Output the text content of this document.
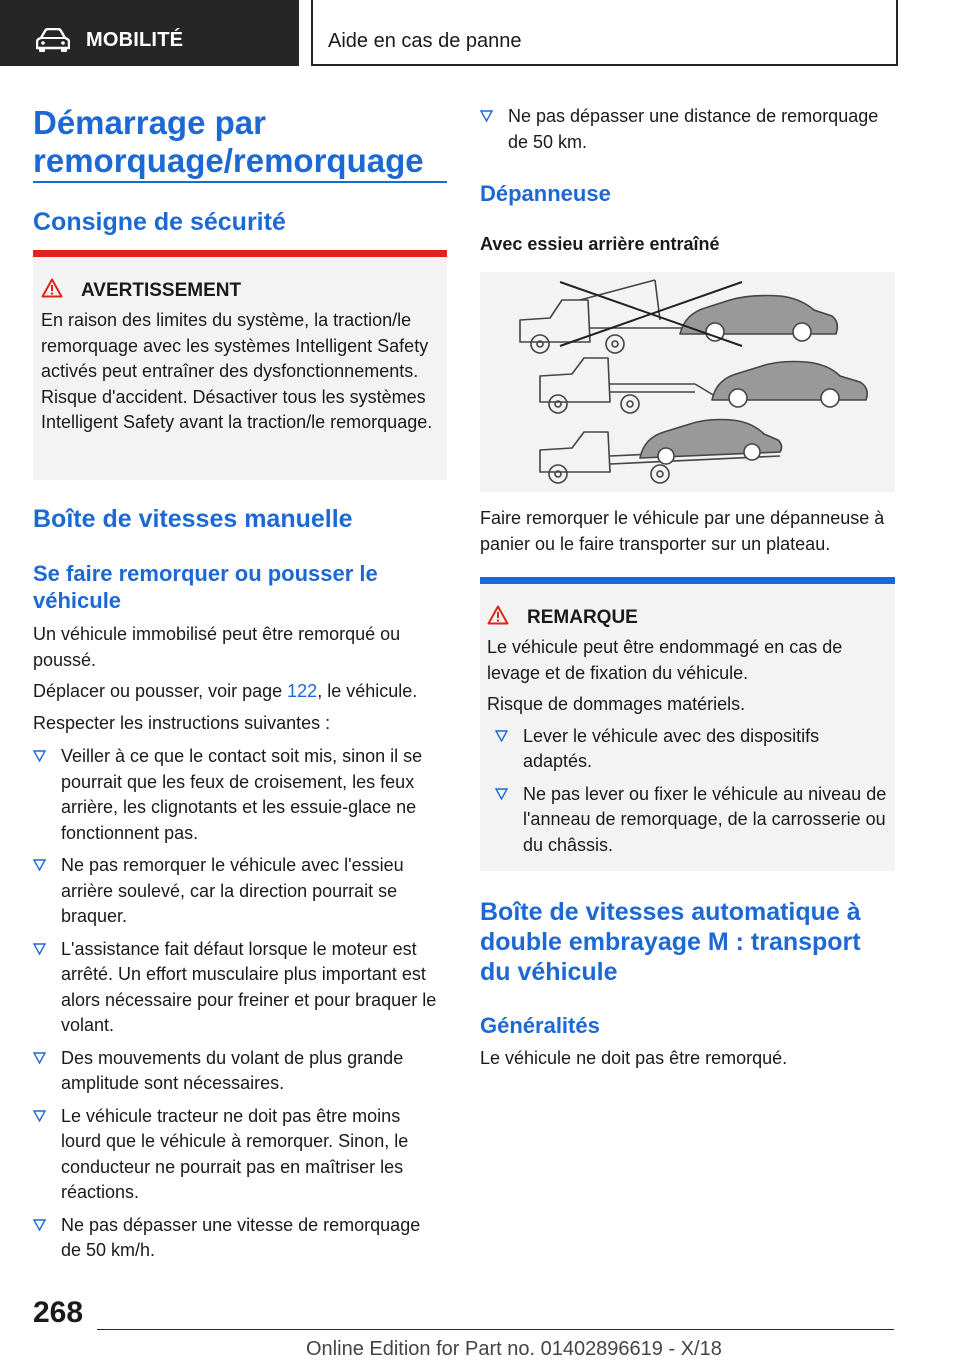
MOBILITÉ	Aide en cas de panne
Démarrage par remorquage/remorquage
Consigne de sécurité
AVERTISSEMENT
En raison des limites du système, la traction/le remorquage avec les systèmes Intelligent Safety activés peut entraîner des dysfonctionnements. Risque d'accident. Désactiver tous les systèmes Intelligent Safety avant la traction/le remorquage.
Boîte de vitesses manuelle
Se faire remorquer ou pousser le véhicule
Un véhicule immobilisé peut être remorqué ou poussé.
Déplacer ou pousser, voir page 122, le véhicule.
Respecter les instructions suivantes :
Veiller à ce que le contact soit mis, sinon il se pourrait que les feux de croisement, les feux arrière, les clignotants et les essuie-glace ne fonctionnent pas.
Ne pas remorquer le véhicule avec l'essieu arrière soulevé, car la direction pourrait se braquer.
L'assistance fait défaut lorsque le moteur est arrêté. Un effort musculaire plus important est alors nécessaire pour freiner et pour braquer le volant.
Des mouvements du volant de plus grande amplitude sont nécessaires.
Le véhicule tracteur ne doit pas être moins lourd que le véhicule à remorquer. Sinon, le conducteur ne pourrait pas en maîtriser les réactions.
Ne pas dépasser une vitesse de remorquage de 50 km/h.
Ne pas dépasser une distance de remorquage de 50 km.
Dépanneuse
Avec essieu arrière entraîné
Faire remorquer le véhicule par une dépanneuse à panier ou le faire transporter sur un plateau.
REMARQUE
Le véhicule peut être endommagé en cas de levage et de fixation du véhicule.
Risque de dommages matériels.
Lever le véhicule avec des dispositifs adaptés.
Ne pas lever ou fixer le véhicule au niveau de l'anneau de remorquage, de la carrosserie ou du châssis.
Boîte de vitesses automatique à double embrayage M : transport du véhicule
Généralités
Le véhicule ne doit pas être remorqué.
268
Online Edition for Part no. 01402896619 - X/18
